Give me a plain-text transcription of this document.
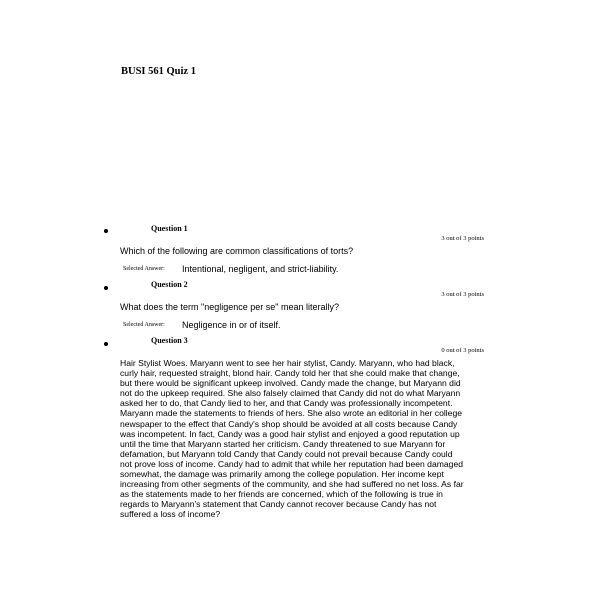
BUSI 561 Quiz 1
Question 1
3 out of 3 points
Which of the following are common classifications of torts?
Selected Answer: Intentional, negligent, and strict-liability.
Question 2
3 out of 3 points
What does the term "negligence per se" mean literally?
Selected Answer: Negligence in or of itself.
Question 3
0 out of 3 points
Hair Stylist Woes. Maryann went to see her hair stylist, Candy. Maryann, who had black, curly hair, requested straight, blond hair. Candy told her that she could make that change, but there would be significant upkeep involved. Candy made the change, but Maryann did not do the upkeep required. She also falsely claimed that Candy did not do what Maryann asked her to do, that Candy lied to her, and that Candy was professionally incompetent. Maryann made the statements to friends of hers. She also wrote an editorial in her college newspaper to the effect that Candy's shop should be avoided at all costs because Candy was incompetent. In fact, Candy was a good hair stylist and enjoyed a good reputation up until the time that Maryann started her criticism. Candy threatened to sue Maryann for defamation, but Maryann told Candy that Candy could not prevail because Candy could not prove loss of income. Candy had to admit that while her reputation had been damaged somewhat, the damage was primarily among the college population. Her income kept increasing from other segments of the community, and she had suffered no net loss. As far as the statements made to her friends are concerned, which of the following is true in regards to Maryann's statement that Candy cannot recover because Candy has not suffered a loss of income?
